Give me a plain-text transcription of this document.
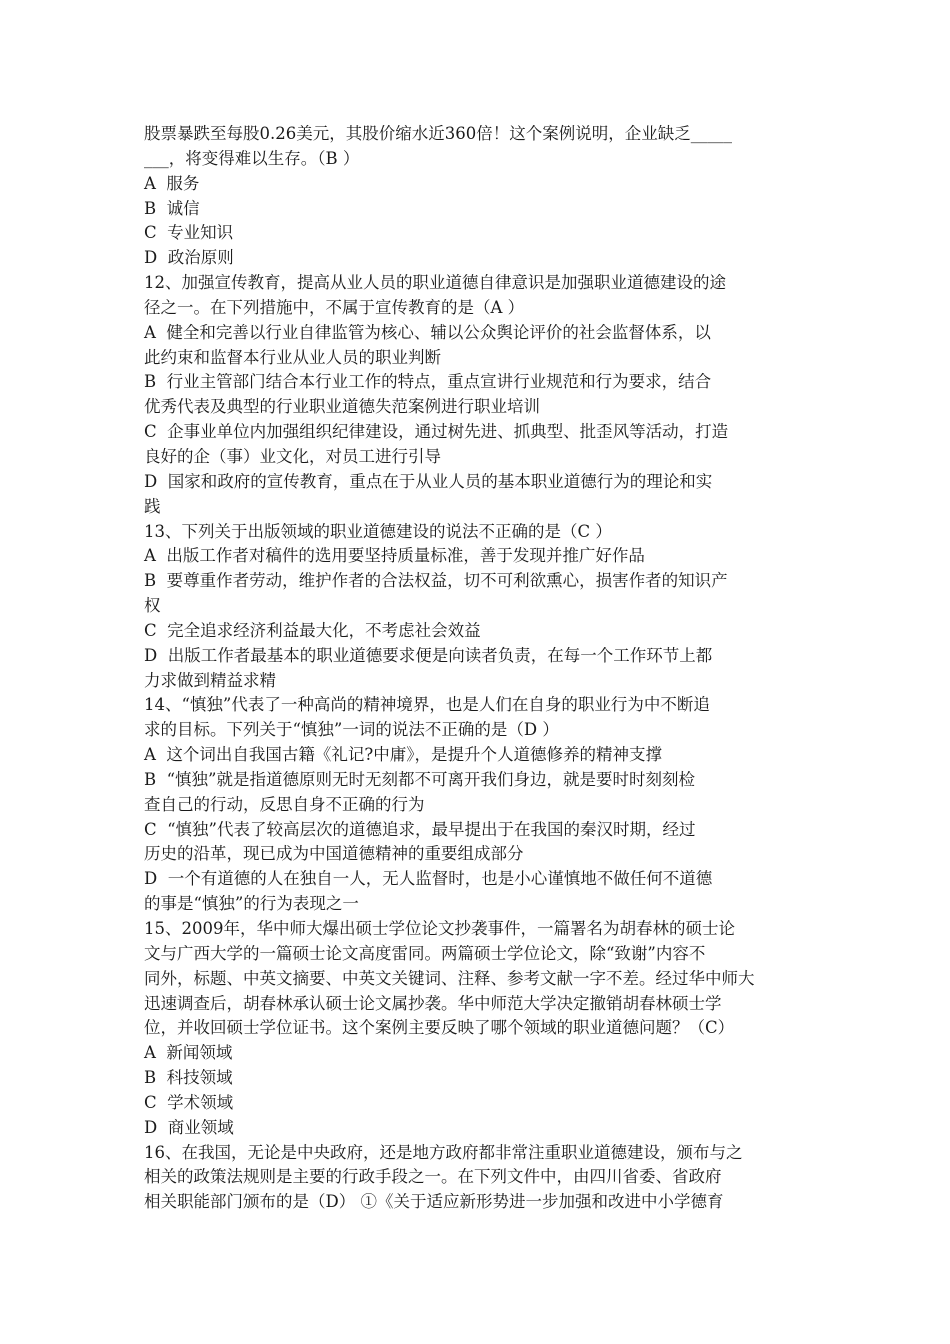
股票暴跌至每股0.26美元，其股价缩水近360倍！这个案例说明，企业缺乏_____

___，将变得难以生存。（B ）

A  服务

B  诚信

C  专业知识

D  政治原则

12、加强宣传教育，提高从业人员的职业道德自律意识是加强职业道德建设的途

径之一。在下列措施中，不属于宣传教育的是（A ）

A  健全和完善以行业自律监管为核心、辅以公众舆论评价的社会监督体系，以

此约束和监督本行业从业人员的职业判断

B  行业主管部门结合本行业工作的特点，重点宣讲行业规范和行为要求，结合

优秀代表及典型的行业职业道德失范案例进行职业培训

C  企事业单位内加强组织纪律建设，通过树先进、抓典型、批歪风等活动，打造

良好的企（事）业文化，对员工进行引导

D  国家和政府的宣传教育，重点在于从业人员的基本职业道德行为的理论和实

践

13、下列关于出版领域的职业道德建设的说法不正确的是（C ）

A  出版工作者对稿件的选用要坚持质量标准，善于发现并推广好作品

B  要尊重作者劳动，维护作者的合法权益，切不可利欲熏心，损害作者的知识产

权

C  完全追求经济利益最大化，不考虑社会效益

D  出版工作者最基本的职业道德要求便是向读者负责，在每一个工作环节上都

力求做到精益求精

14、“慎独”代表了一种高尚的精神境界，也是人们在自身的职业行为中不断追

求的目标。下列关于“慎独”一词的说法不正确的是（D ）

A  这个词出自我国古籍《礼记?中庸》，是提升个人道德修养的精神支撑

B  “慎独”就是指道德原则无时无刻都不可离开我们身边，就是要时时刻刻检

查自己的行动，反思自身不正确的行为

C  “慎独”代表了较高层次的道德追求，最早提出于在我国的秦汉时期，经过

历史的沿革，现已成为中国道德精神的重要组成部分

D  一个有道德的人在独自一人，无人监督时，也是小心谨慎地不做任何不道德

的事是“慎独”的行为表现之一

15、2009年，华中师大爆出硕士学位论文抄袭事件，一篇署名为胡春林的硕士论

文与广西大学的一篇硕士论文高度雷同。两篇硕士学位论文，除“致谢”内容不

同外，标题、中英文摘要、中英文关键词、注释、参考文献一字不差。经过华中师大

迅速调查后，胡春林承认硕士论文属抄袭。华中师范大学决定撤销胡春林硕士学

位，并收回硕士学位证书。这个案例主要反映了哪个领域的职业道德问题？（C）

A  新闻领域

B  科技领域

C  学术领域

D  商业领域

16、在我国，无论是中央政府，还是地方政府都非常注重职业道德建设，颁布与之

相关的政策法规则是主要的行政手段之一。在下列文件中，由四川省委、省政府

相关职能部门颁布的是（D） ①《关于适应新形势进一步加强和改进中小学德育
